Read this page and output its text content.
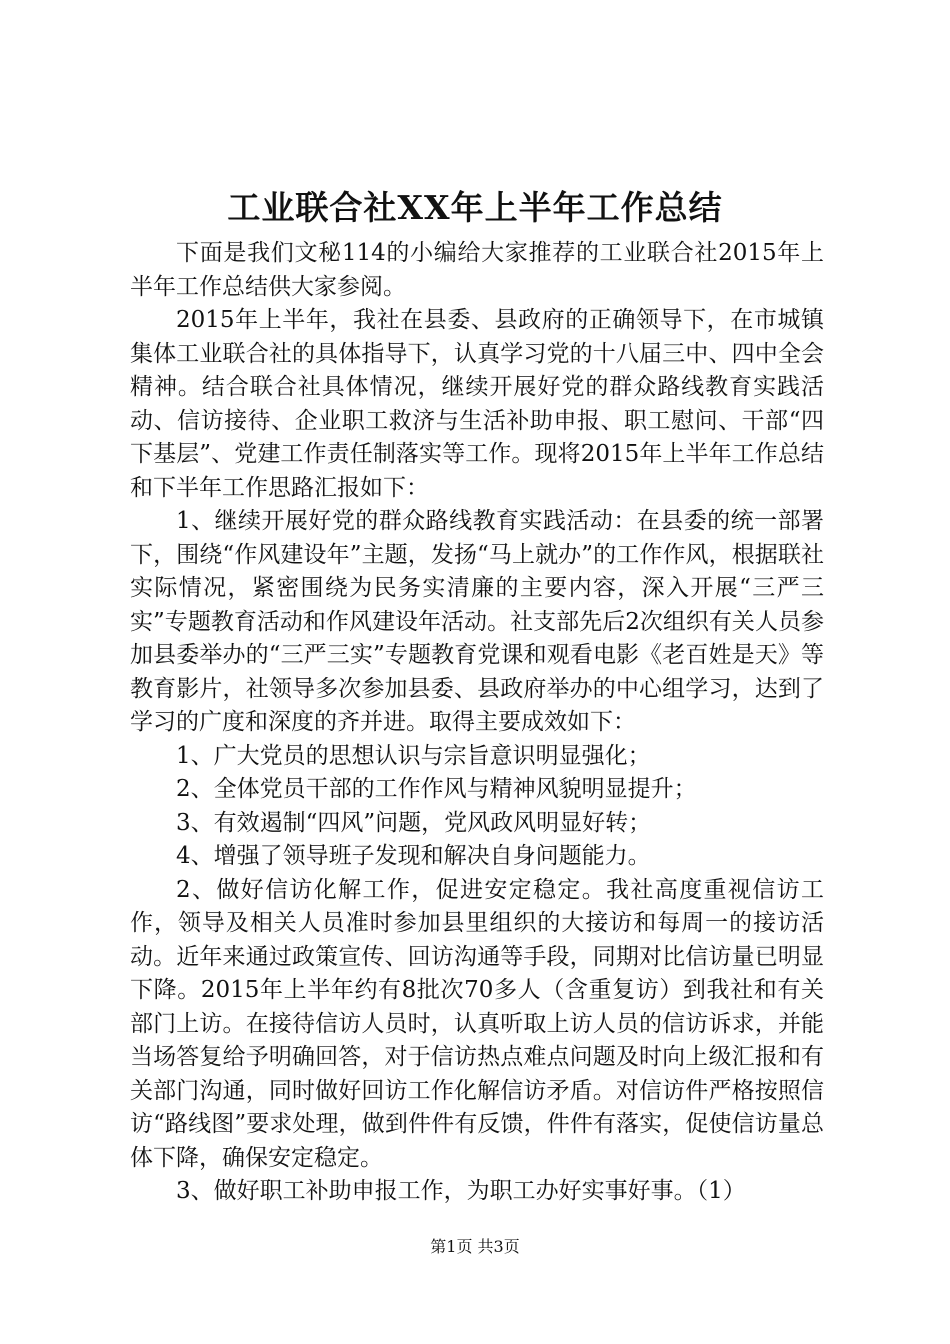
工业联合社XX年上半年工作总结

下面是我们文秘114的小编给大家推荐的工业联合社2015年上半年工作总结供大家参阅。

2015年上半年，我社在县委、县政府的正确领导下，在市城镇集体工业联合社的具体指导下，认真学习党的十八届三中、四中全会精神。结合联合社具体情况，继续开展好党的群众路线教育实践活动、信访接待、企业职工救济与生活补助申报、职工慰问、干部“四下基层”、党建工作责任制落实等工作。现将2015年上半年工作总结和下半年工作思路汇报如下：

1、继续开展好党的群众路线教育实践活动：在县委的统一部署下，围绕“作风建设年”主题，发扬“马上就办”的工作作风，根据联社实际情况，紧密围绕为民务实清廉的主要内容，深入开展“三严三实”专题教育活动和作风建设年活动。社支部先后2次组织有关人员参加县委举办的“三严三实”专题教育党课和观看电影《老百姓是天》等教育影片，社领导多次参加县委、县政府举办的中心组学习，达到了学习的广度和深度的齐并进。取得主要成效如下：

1、广大党员的思想认识与宗旨意识明显强化；

2、全体党员干部的工作作风与精神风貌明显提升；

3、有效遏制“四风”问题，党风政风明显好转；

4、增强了领导班子发现和解决自身问题能力。

2、做好信访化解工作，促进安定稳定。我社高度重视信访工作，领导及相关人员准时参加县里组织的大接访和每周一的接访活动。近年来通过政策宣传、回访沟通等手段，同期对比信访量已明显下降。2015年上半年约有8批次70多人（含重复访）到我社和有关部门上访。在接待信访人员时，认真听取上访人员的信访诉求，并能当场答复给予明确回答，对于信访热点难点问题及时向上级汇报和有关部门沟通，同时做好回访工作化解信访矛盾。对信访件严格按照信访“路线图”要求处理，做到件件有反馈，件件有落实，促使信访量总体下降，确保安定稳定。

3、做好职工补助申报工作，为职工办好实事好事。（1）

第1页 共3页
